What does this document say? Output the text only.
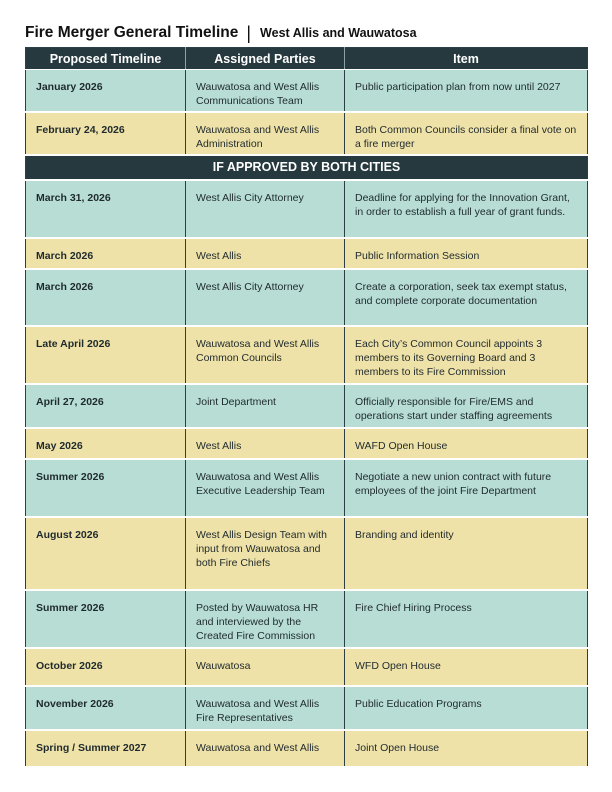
Fire Merger General Timeline | West Allis and Wauwatosa
Proposed Timeline	Assigned Parties	Item
January 2026	Wauwatosa and West Allis Communications Team	Public participation plan from now until 2027
February 24, 2026	Wauwatosa and West Allis Administration	Both Common Councils consider a final vote on a fire merger
IF APPROVED BY BOTH CITIES		
March 31, 2026	West Allis City Attorney	Deadline for applying for the Innovation Grant, in order to establish a full year of grant funds.
March 2026	West Allis	Public Information Session
March 2026	West Allis City Attorney	Create a corporation, seek tax exempt status, and complete corporate documentation
Late April 2026	Wauwatosa and West Allis Common Councils	Each City’s Common Council appoints 3 members to its Governing Board and 3 members to its Fire Commission
April 27, 2026	Joint Department	Officially responsible for Fire/EMS and operations start under staffing agreements
May 2026	West Allis	WAFD Open House
Summer 2026	Wauwatosa and West Allis Executive Leadership Team	Negotiate a new union contract with future employees of the joint Fire Department
August 2026	West Allis Design Team with input from Wauwatosa and both Fire Chiefs	Branding and identity
Summer 2026	Posted by Wauwatosa HR and interviewed by the Created Fire Commission	Fire Chief Hiring Process
October 2026	Wauwatosa	WFD Open House
November 2026	Wauwatosa and West Allis Fire Representatives	Public Education Programs
Spring / Summer 2027	Wauwatosa and West Allis	Joint Open House
